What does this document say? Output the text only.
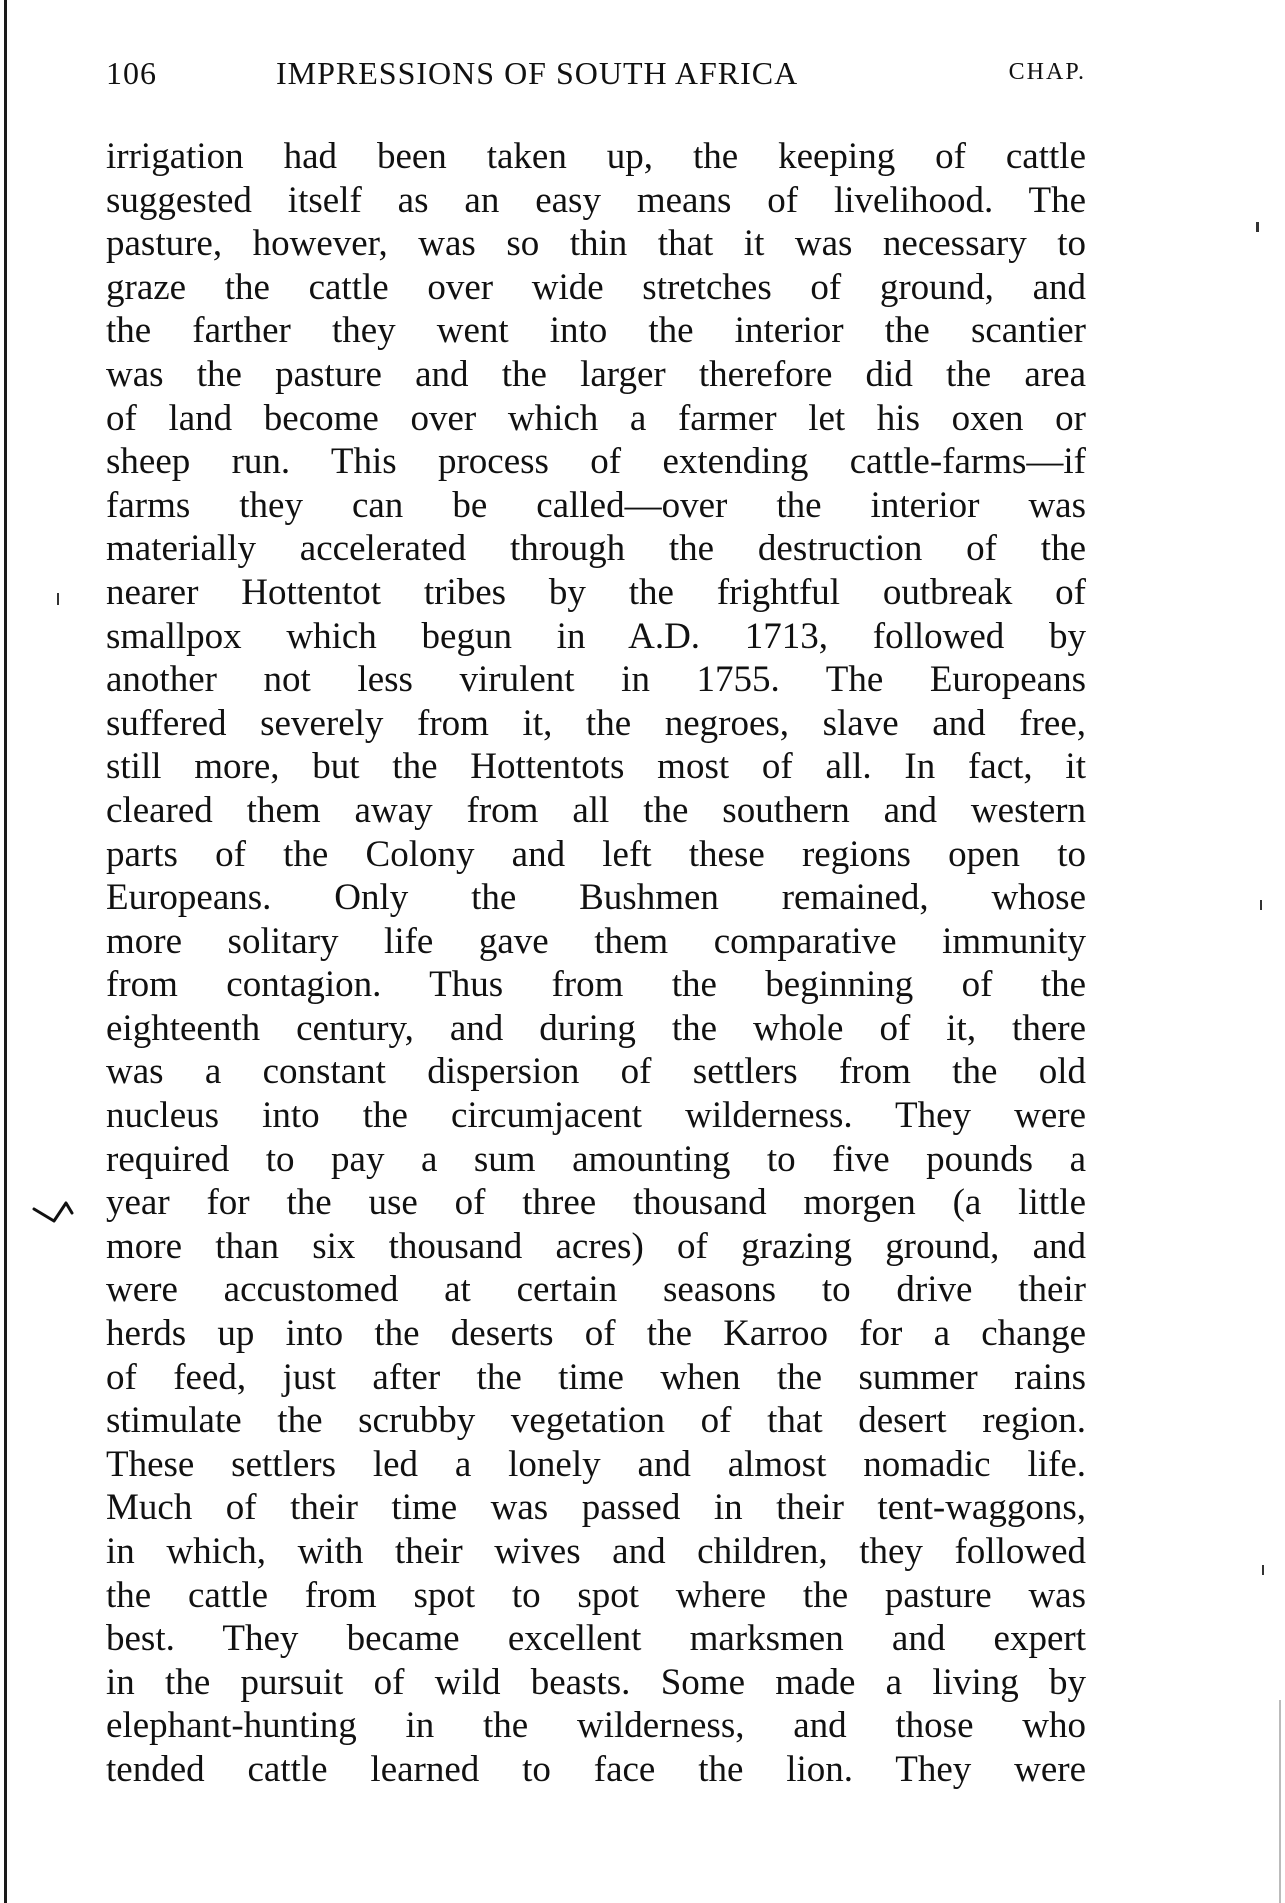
106	IMPRESSIONS OF SOUTH AFRICA	CHAP.
irrigation had been taken up, the keeping of cattle
suggested itself as an easy means of livelihood. The
pasture, however, was so thin that it was necessary to
graze the cattle over wide stretches of ground, and
the farther they went into the interior the scantier
was the pasture and the larger therefore did the area
of land become over which a farmer let his oxen or
sheep run. This process of extending cattle-farms—if
farms they can be called—over the interior was
materially accelerated through the destruction of the
nearer Hottentot tribes by the frightful outbreak of
smallpox which begun in A.D. 1713, followed by
another not less virulent in 1755. The Europeans
suffered severely from it, the negroes, slave and free,
still more, but the Hottentots most of all. In fact, it
cleared them away from all the southern and western
parts of the Colony and left these regions open to
Europeans. Only the Bushmen remained, whose
more solitary life gave them comparative immunity
from contagion. Thus from the beginning of the
eighteenth century, and during the whole of it, there
was a constant dispersion of settlers from the old
nucleus into the circumjacent wilderness. They were
required to pay a sum amounting to five pounds a
year for the use of three thousand morgen (a little
more than six thousand acres) of grazing ground, and
were accustomed at certain seasons to drive their
herds up into the deserts of the Karroo for a change
of feed, just after the time when the summer rains
stimulate the scrubby vegetation of that desert region.
These settlers led a lonely and almost nomadic life.
Much of their time was passed in their tent-waggons,
in which, with their wives and children, they followed
the cattle from spot to spot where the pasture was
best. They became excellent marksmen and expert
in the pursuit of wild beasts. Some made a living by
elephant-hunting in the wilderness, and those who
tended cattle learned to face the lion. They were
